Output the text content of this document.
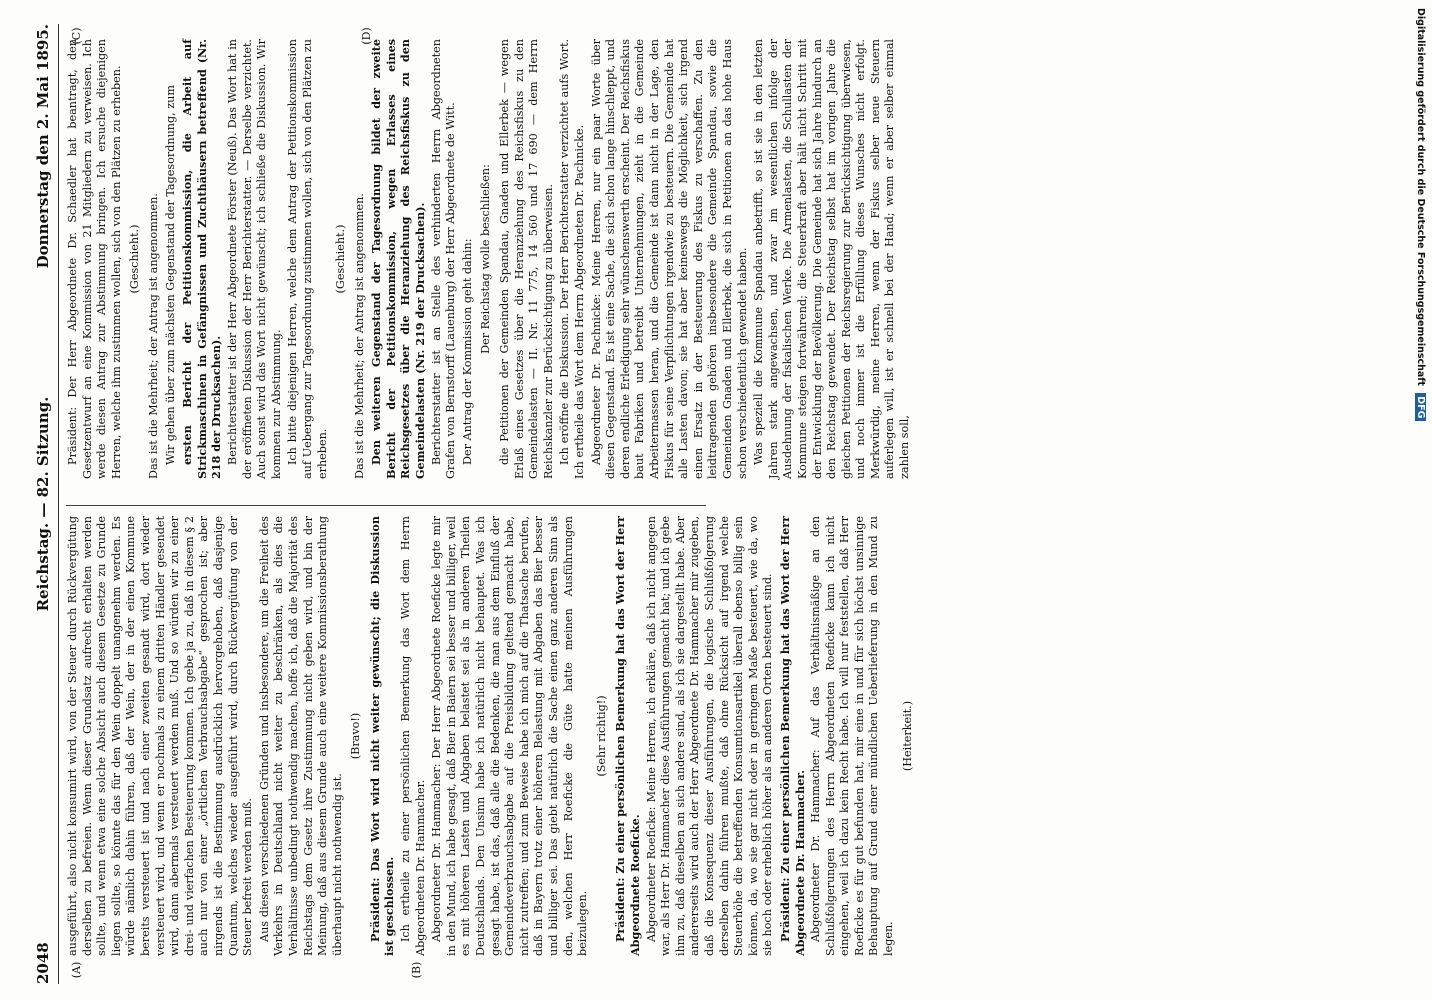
2048
Reichstag. — 82. Sitzung.
Donnerstag den 2. Mai 1895.
(A)	(B)
(C)	(D)

ausgeführt, also nicht konsumirt wird, von der Steuer durch Rückvergütung derselben zu befreien. Wenn dieser Grundsatz aufrecht erhalten werden sollte, und wenn etwa eine solche Absicht auch diesem Gesetze zu Grunde liegen sollte, so könnte das für den Wein doppelt unangenehm werden. Es würde nämlich dahin führen, daß der Wein, der in der einen Kommune bereits versteuert ist und nach einer zweiten gesandt wird, dort wieder versteuert wird, und wenn er nochmals zu einem dritten Händler gesendet wird, dann abermals versteuert werden muß. Und so würden wir zu einer drei- und vierfachen Besteuerung kommen. Ich gebe ja zu, daß in diesem § 2 auch nur von einer „örtlichen Verbrauchsabgabe“ gesprochen ist; aber nirgends ist die Bestimmung ausdrücklich hervorgehoben, daß dasjenige Quantum, welches wieder ausgeführt wird, durch Rückvergütung von der Steuer befreit werden muß. Aus diesen verschiedenen Gründen und insbesondere, um die Freiheit des Verkehrs in Deutschland nicht weiter zu beschränken, als dies die Verhältnisse unbedingt nothwendig machen, hoffe ich, daß die Majorität des Reichstags dem Gesetz ihre Zustimmung nicht geben wird, und bin der Meinung, daß aus diesem Grunde auch eine weitere Kommissionsberathung überhaupt nicht nothwendig ist.

(Bravo!) Präsident: Das Wort wird nicht weiter gewünscht; die Diskussion ist geschlossen. Ich ertheile zu einer persönlichen Bemerkung das Wort dem Herrn Abgeordneten Dr. Hammacher. Abgeordneter Dr. Hammacher: Der Herr Abgeordnete Roeficke legte mir in den Mund, ich habe gesagt, daß Bier in Baiern sei besser und billiger, weil es mit höheren Lasten und Abgaben belastet sei als in anderen Theilen Deutschlands. Den Unsinn habe ich natürlich nicht behauptet. Was ich gesagt habe, ist das, daß alle die Bedenken, die man aus dem Einfluß der Gemeindeverbrauchsabgabe auf die Preisbildung geltend gemacht habe, nicht zutreffen; und zum Beweise habe ich mich auf die Thatsache berufen, daß in Bayern trotz einer höheren Belastung mit Abgaben das Bier besser und billiger sei. Das giebt natürlich die Sache einen ganz anderen Sinn als den, welchen Herr Roeficke die Güte hatte meinen Ausführungen beizulegen.

(Sehr richtig!) Präsident: Zu einer persönlichen Bemerkung hat das Wort der Herr Abgeordnete Roeficke. Abgeordneter Roeficke: Meine Herren, ich erkläre, daß ich nicht angegen war, als Herr Dr. Hammacher diese Ausführungen gemacht hat; und ich gebe ihm zu, daß dieselben an sich andere sind, als ich sie dargestellt habe. Aber andererseits wird auch der Herr Abgeordnete Dr. Hammacher mir zugeben, daß die Konsequenz dieser Ausführungen, die logische Schlußfolgerung derselben dahin führen mußte, daß ohne Rücksicht auf irgend welche Steuerhöhe die betreffenden Konsumtionsartikel überall ebenso billig sein können, da, wo sie gar nicht oder in geringem Maße besteuert, wie da, wo sie hoch oder erheblich höher als an anderen Orten besteuert sind. Präsident: Zu einer persönlichen Bemerkung hat das Wort der Herr Abgeordnete Dr. Hammacher. Abgeordneter Dr. Hammacher: Auf das Verhältnismäßige an den Schlußfolgerungen des Herrn Abgeordneten Roeficke kann ich nicht eingehen, weil ich dazu kein Recht habe. Ich will nur feststellen, daß Herr Roeficke es für gut befunden hat, mir eine in und für sich höchst unsinnige Behauptung auf Grund einer mündlichen Ueberlieferung in den Mund zu legen.

(Heiterkeit.)

Präsident: Der Herr Abgeordnete Dr. Schaedler hat beantragt, den Gesetzentwurf an eine Kommission von 21 Mitgliedern zu verweisen. Ich werde diesen Antrag zur Abstimmung bringen. Ich ersuche diejenigen Herren, welche ihm zustimmen wollen, sich von den Plätzen zu erheben. (Geschieht.) Das ist die Mehrheit; der Antrag ist angenommen. Wir gehen über zum nächsten Gegenstand der Tagesordnung, zum ersten Bericht der Petitionskommission, die Arbeit auf Strickmaschinen in Gefängnissen und Zuchthäusern betreffend (Nr. 218 der Drucksachen). Berichterstatter ist der Herr Abgeordnete Förster (Neuß). Das Wort hat in der eröffneten Diskussion der Herr Berichterstatter. — Derselbe verzichtet. Auch sonst wird das Wort nicht gewünscht; ich schließe die Diskussion. Wir kommen zur Abstimmung. Ich bitte diejenigen Herren, welche dem Antrag der Petitionskommission auf Uebergang zur Tagesordnung zustimmen wollen, sich von den Plätzen zu erheben.

(Geschieht.) Das ist die Mehrheit; der Antrag ist angenommen. Den weiteren Gegenstand der Tagesordnung bildet der zweite Bericht der Petitionskommission, wegen Erlasses eines Reichsgesetzes über die Heranziehung des Reichsfiskus zu den Gemeindelasten (Nr. 219 der Drucksachen). Berichterstatter ist an Stelle des verhinderten Herrn Abgeordneten Grafen von Bernstorff (Lauenburg) der Herr Abgeordnete de Witt. Der Antrag der Kommission geht dahin: Der Reichstag wolle beschließen: die Petitionen der Gemeinden Spandau, Gnaden und Ellerbek — wegen Erlaß eines Gesetzes über die Heranziehung des Reichsfiskus zu den Gemeindelasten — II. Nr. 11 775, 14 560 und 17 690 — dem Herrn Reichskanzler zur Berücksichtigung zu überweisen. Ich eröffne die Diskussion. Der Herr Berichterstatter verzichtet aufs Wort. Ich ertheile das Wort dem Herrn Abgeordneten Dr. Pachnicke. Abgeordneter Dr. Pachnicke: Meine Herren, nur ein paar Worte über diesen Gegenstand. Es ist eine Sache, die sich schon lange hinschleppt, und deren endliche Erledigung sehr wünschenswerth erscheint. Der Reichsfiskus baut Fabriken und betreibt Unternehmungen, zieht in die Gemeinde Arbeitermassen heran, und die Gemeinde ist dann nicht in der Lage, den Fiskus für seine Verpflichtungen irgendwie zu besteuern. Die Gemeinde hat alle Lasten davon; sie hat aber keineswegs die Möglichkeit, sich irgend einen Ersatz in der Besteuerung des Fiskus zu verschaffen. Zu den leidtragenden gehören insbesondere die Gemeinde Spandau, sowie die Gemeinden Gnaden und Ellerbek, die sich in Petitionen an das hohe Haus schon verschiedentlich gewendet haben. Was speziell die Kommune Spandau anbetrifft, so ist sie in den letzten Jahren stark angewachsen, und zwar im wesentlichen infolge der Ausdehnung der fiskalischen Werke. Die Armenlasten, die Schullasten der Kommune steigen fortwährend; die Steuerkraft aber hält nicht Schritt mit der Entwicklung der Bevölkerung. Die Gemeinde hat sich Jahre hindurch an den Reichstag gewendet. Der Reichstag selbst hat im vorigen Jahre die gleichen Petitionen der Reichsregierung zur Berücksichtigung überwiesen, und noch immer ist die Erfüllung dieses Wunsches nicht erfolgt. Merkwürdig, meine Herren, wenn der Fiskus selber neue Steuern auferlegen will, ist er schnell bei der Hand; wenn er aber selber einmal zahlen soll,

Digitalisierung gefördert durch die Deutsche Forschungsgemeinschaft DFG
